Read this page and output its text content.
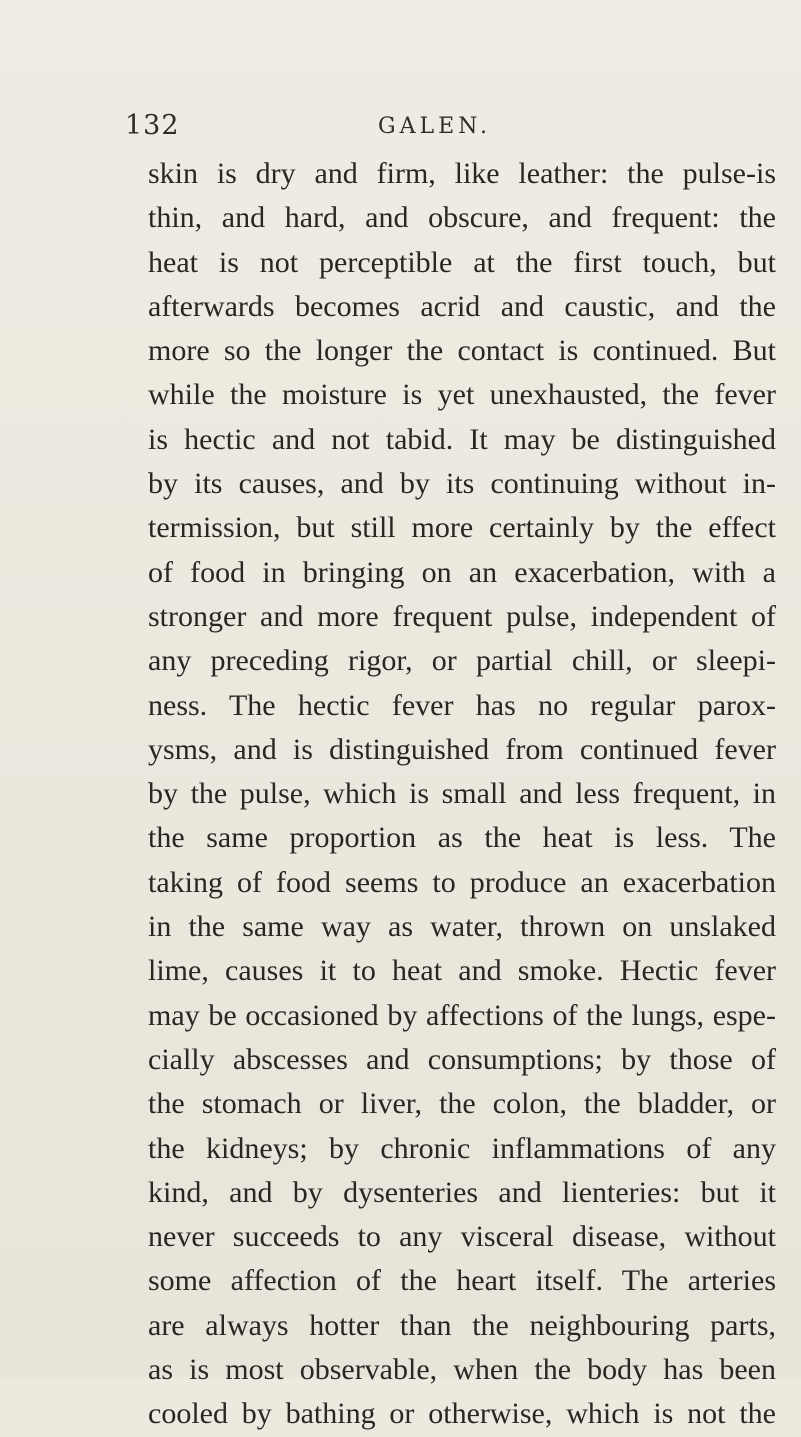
132	GALEN.
skin is dry and firm, like leather: the pulse-is
thin, and hard, and obscure, and frequent: the
heat is not perceptible at the first touch, but
afterwards becomes acrid and caustic, and the
more so the longer the contact is continued. But
while the moisture is yet unexhausted, the fever
is hectic and not tabid. It may be distinguished
by its causes, and by its continuing without in-
termission, but still more certainly by the effect
of food in bringing on an exacerbation, with a
stronger and more frequent pulse, independent of
any preceding rigor, or partial chill, or sleepi-
ness. The hectic fever has no regular parox-
ysms, and is distinguished from continued fever
by the pulse, which is small and less frequent, in
the same proportion as the heat is less. The
taking of food seems to produce an exacerbation
in the same way as water, thrown on unslaked
lime, causes it to heat and smoke. Hectic fever
may be occasioned by affections of the lungs, espe-
cially abscesses and consumptions; by those of
the stomach or liver, the colon, the bladder, or
the kidneys; by chronic inflammations of any
kind, and by dysenteries and lienteries: but it
never succeeds to any visceral disease, without
some affection of the heart itself. The arteries
are always hotter than the neighbouring parts,
as is most observable, when the body has been
cooled by bathing or otherwise, which is not the
